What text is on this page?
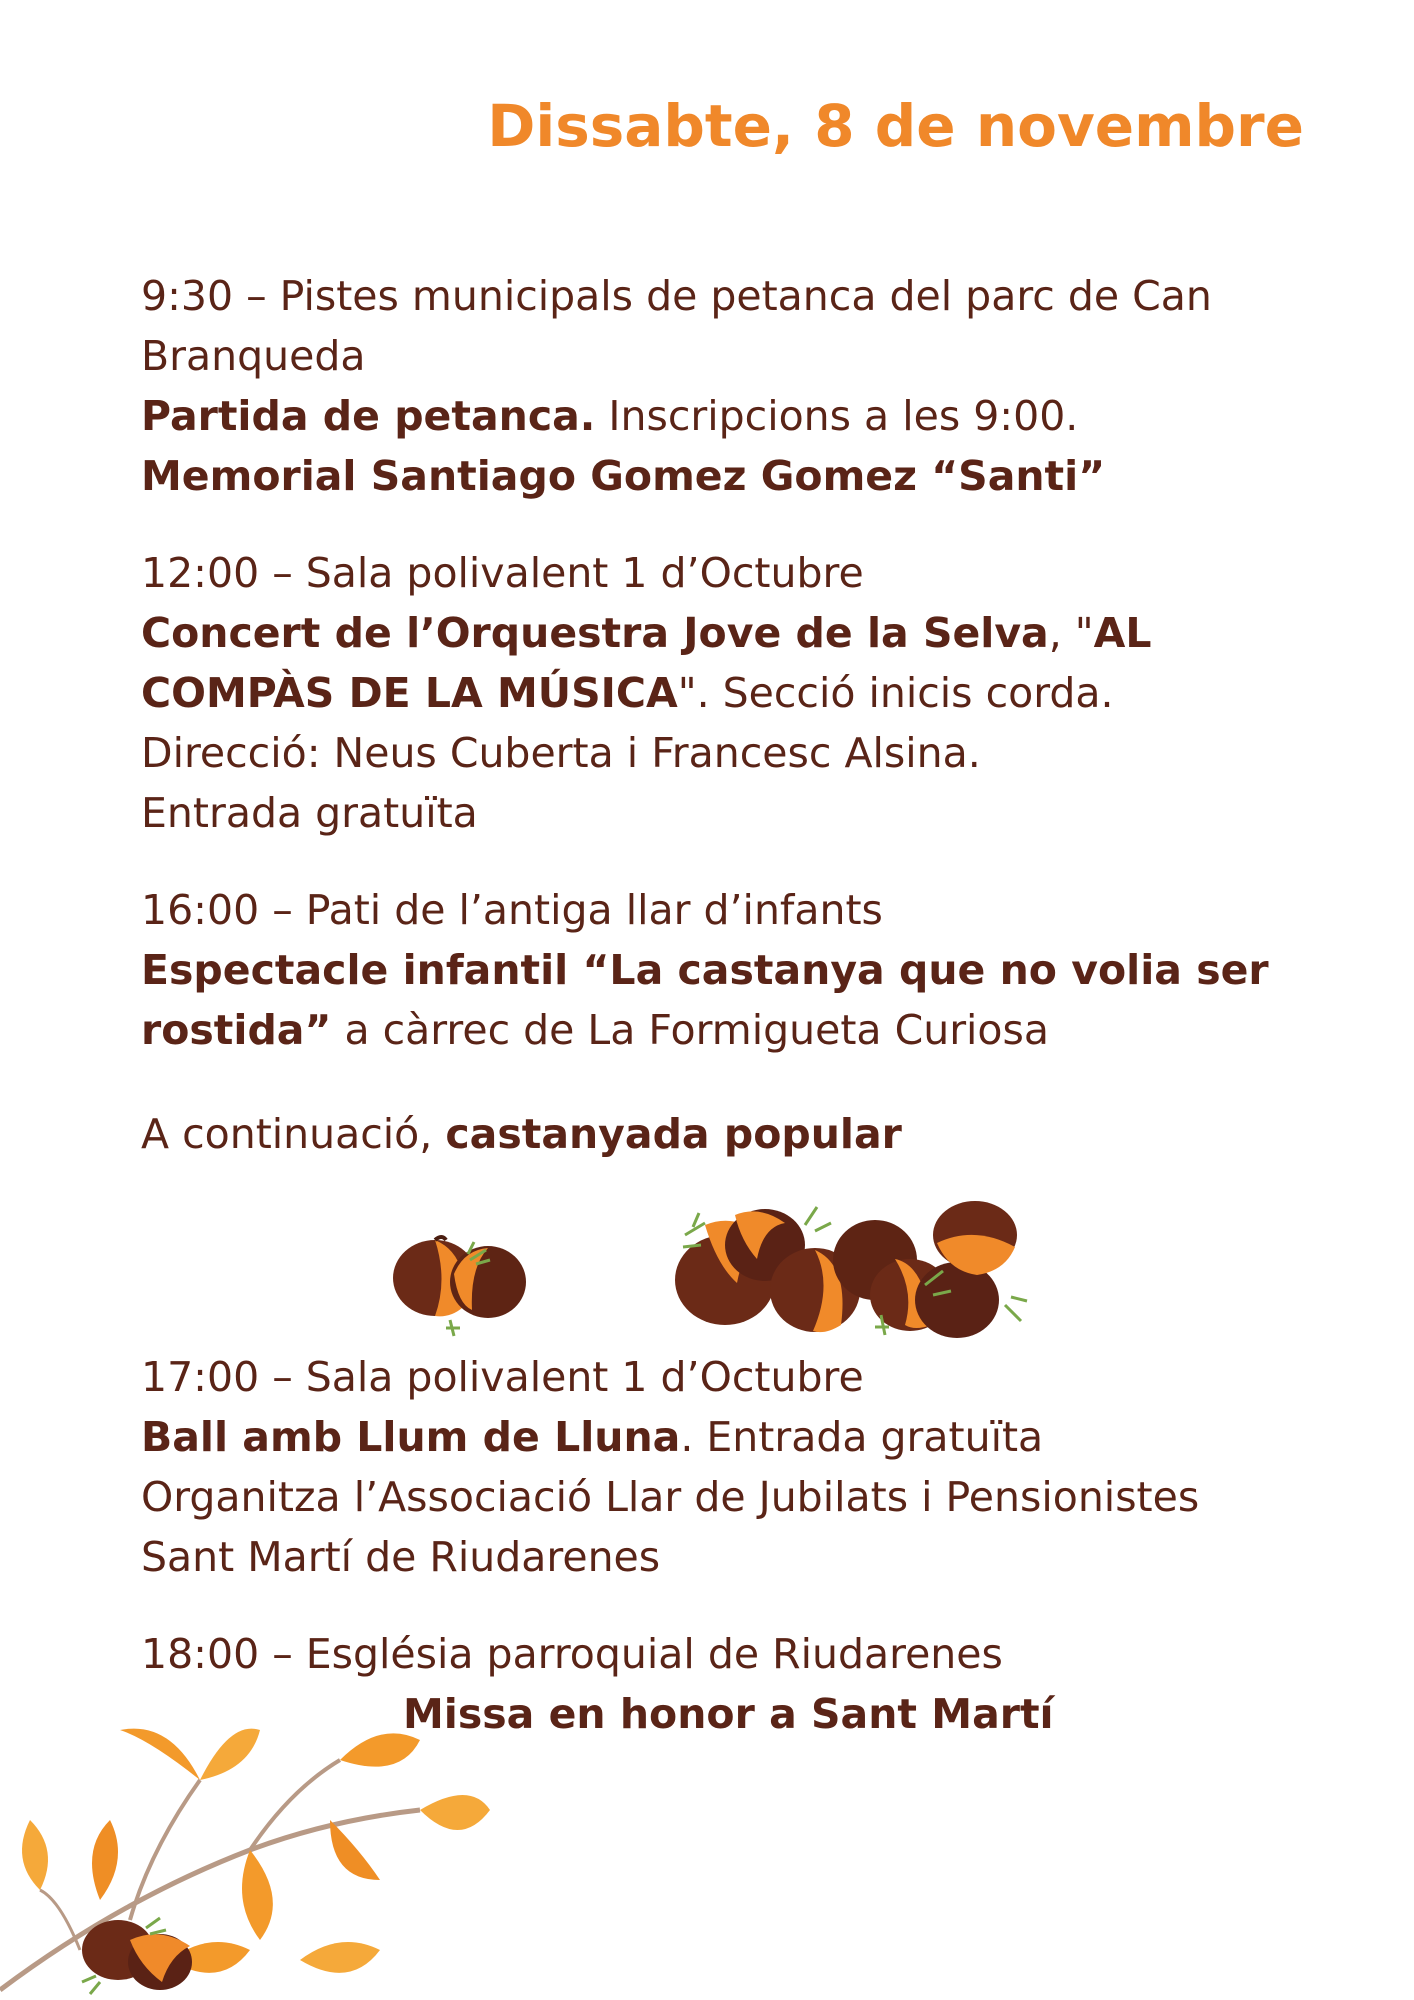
Dissabte, 8 de novembre

9:30 – Pistes municipals de petanca del parc de Can Branqueda

Partida de petanca. Inscripcions a les 9:00.

Memorial Santiago Gomez Gomez “Santi”

12:00 – Sala polivalent 1 d’Octubre

Concert de l’Orquestra Jove de la Selva, "AL COMPÀS DE LA MÚSICA". Secció inicis corda.

Direcció: Neus Cuberta i Francesc Alsina.

Entrada gratuïta

16:00 – Pati de l’antiga llar d’infants

Espectacle infantil “La castanya que no volia ser rostida” a càrrec de La Formigueta Curiosa

A continuació, castanyada popular

17:00 – Sala polivalent 1 d’Octubre

Ball amb Llum de Lluna. Entrada gratuïta

Organitza l’Associació Llar de Jubilats i Pensionistes Sant Martí de Riudarenes

18:00 – Església parroquial de Riudarenes

Missa en honor a Sant Martí
